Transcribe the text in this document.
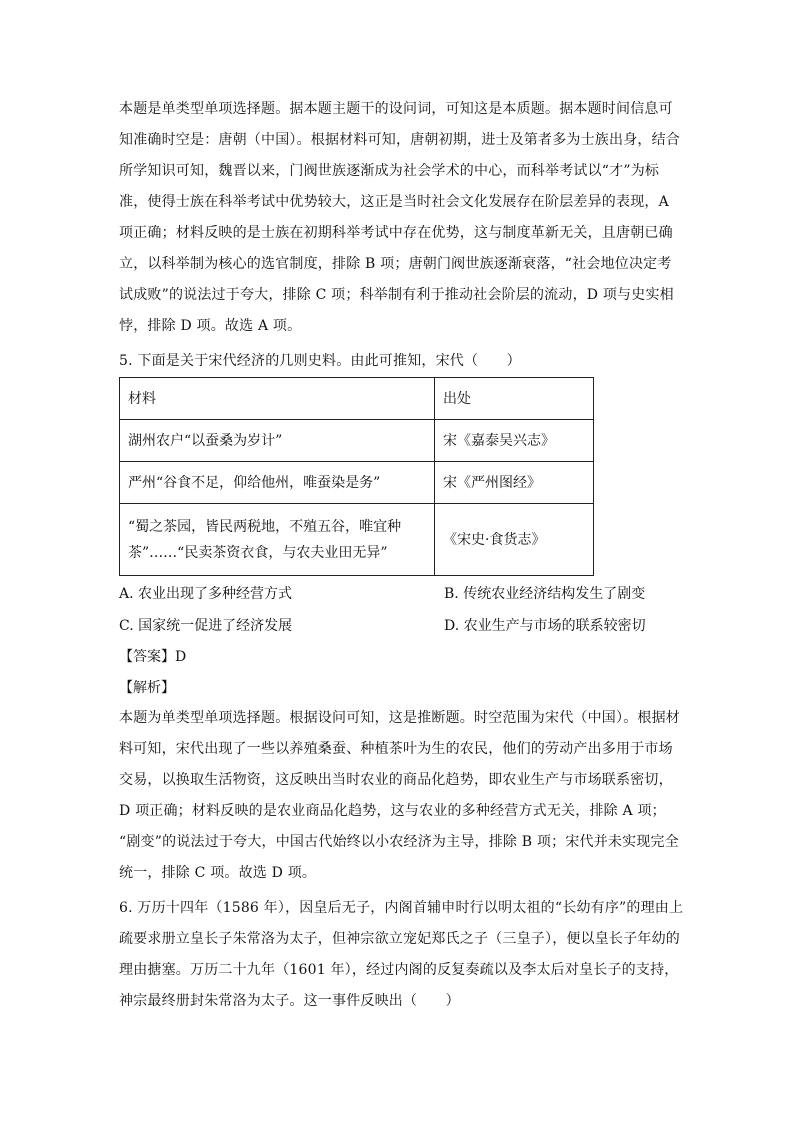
本题是单类型单项选择题。据本题主题干的设问词，可知这是本质题。据本题时间信息可
知准确时空是：唐朝（中国）。根据材料可知，唐朝初期，进士及第者多为士族出身，结合
所学知识可知，魏晋以来，门阀世族逐渐成为社会学术的中心，而科举考试以“才”为标
准，使得士族在科举考试中优势较大，这正是当时社会文化发展存在阶层差异的表现，A
项正确；材料反映的是士族在初期科举考试中存在优势，这与制度革新无关，且唐朝已确
立，以科举制为核心的选官制度，排除 B 项；唐朝门阀世族逐渐衰落，“社会地位决定考
试成败”的说法过于夸大，排除 C 项；科举制有利于推动社会阶层的流动，D 项与史实相
悖，排除 D 项。故选 A 项。
5. 下面是关于宋代经济的几则史料。由此可推知，宋代（　　）
材料	出处
湖州农户“以蚕桑为岁计”	宋《嘉泰吴兴志》
严州“谷食不足，仰给他州，唯蚕染是务”	宋《严州图经》

“蜀之茶园，皆民两税地，不殖五谷，唯宜种
茶”……“民卖茶资衣食，与农夫业田无异”	《宋史·食货志》
A. 农业出现了多种经营方式	B. 传统农业经济结构发生了剧变
C. 国家统一促进了经济发展	D. 农业生产与市场的联系较密切
【答案】D
【解析】
本题为单类型单项选择题。根据设问可知，这是推断题。时空范围为宋代（中国）。根据材
料可知，宋代出现了一些以养殖桑蚕、种植茶叶为生的农民，他们的劳动产出多用于市场
交易，以换取生活物资，这反映出当时农业的商品化趋势，即农业生产与市场联系密切，
D 项正确；材料反映的是农业商品化趋势，这与农业的多种经营方式无关，排除 A 项；
“剧变”的说法过于夸大，中国古代始终以小农经济为主导，排除 B 项；宋代并未实现完全
统一，排除 C 项。故选 D 项。
6. 万历十四年（1586 年），因皇后无子，内阁首辅申时行以明太祖的“长幼有序”的理由上
疏要求册立皇长子朱常洛为太子，但神宗欲立宠妃郑氏之子（三皇子），便以皇长子年幼的
理由搪塞。万历二十九年（1601 年），经过内阁的反复奏疏以及李太后对皇长子的支持，
神宗最终册封朱常洛为太子。这一事件反映出（　　）
